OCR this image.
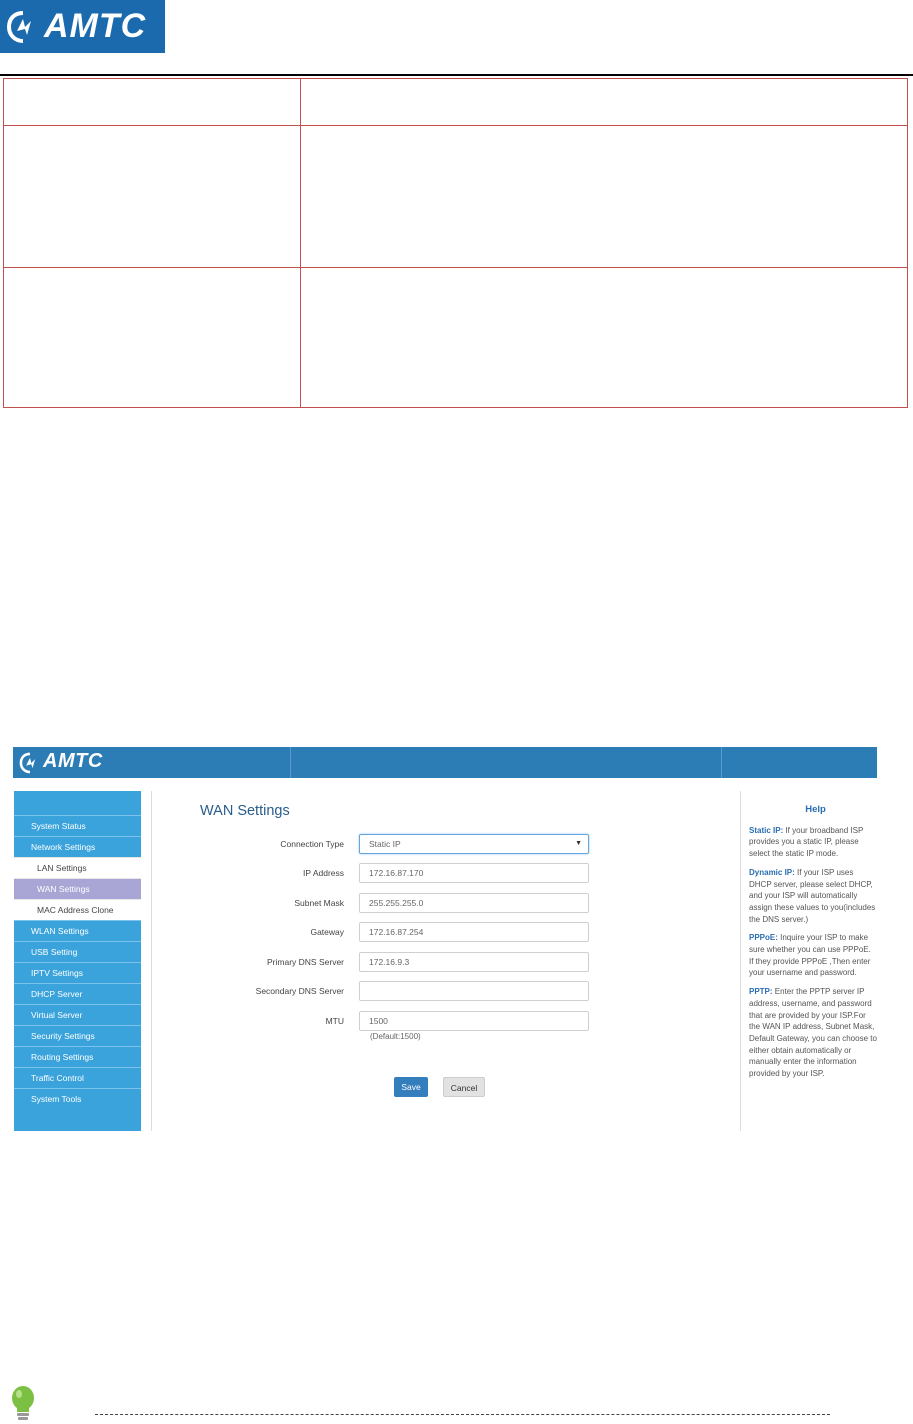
AMTC

AMTC
System Status
Network Settings
LAN Settings
WAN Settings
MAC Address Clone
WLAN Settings
USB Setting
IPTV Settings
DHCP Server
Virtual Server
Security Settings
Routing Settings
Traffic Control
System Tools
WAN Settings
Connection Type	Static IP	▼
IP Address	172.16.87.170
Subnet Mask	255.255.255.0
Gateway	172.16.87.254
Primary DNS Server	172.16.9.3
Secondary DNS Server
MTU	1500
(Default:1500)
Save	Cancel
Help

Static IP: If your broadband ISP provides you a static IP, please select the static IP mode.

Dynamic IP: If your ISP uses DHCP server, please select DHCP, and your ISP will automatically assign these values to you(includes the DNS server.)

PPPoE: Inquire your ISP to make sure whether you can use PPPoE. If they provide PPPoE ,Then enter your username and password.

PPTP: Enter the PPTP server IP address, username, and password that are provided by your ISP.For the WAN IP address, Subnet Mask, Default Gateway, you can choose to either obtain automatically or manually enter the information provided by your ISP.
